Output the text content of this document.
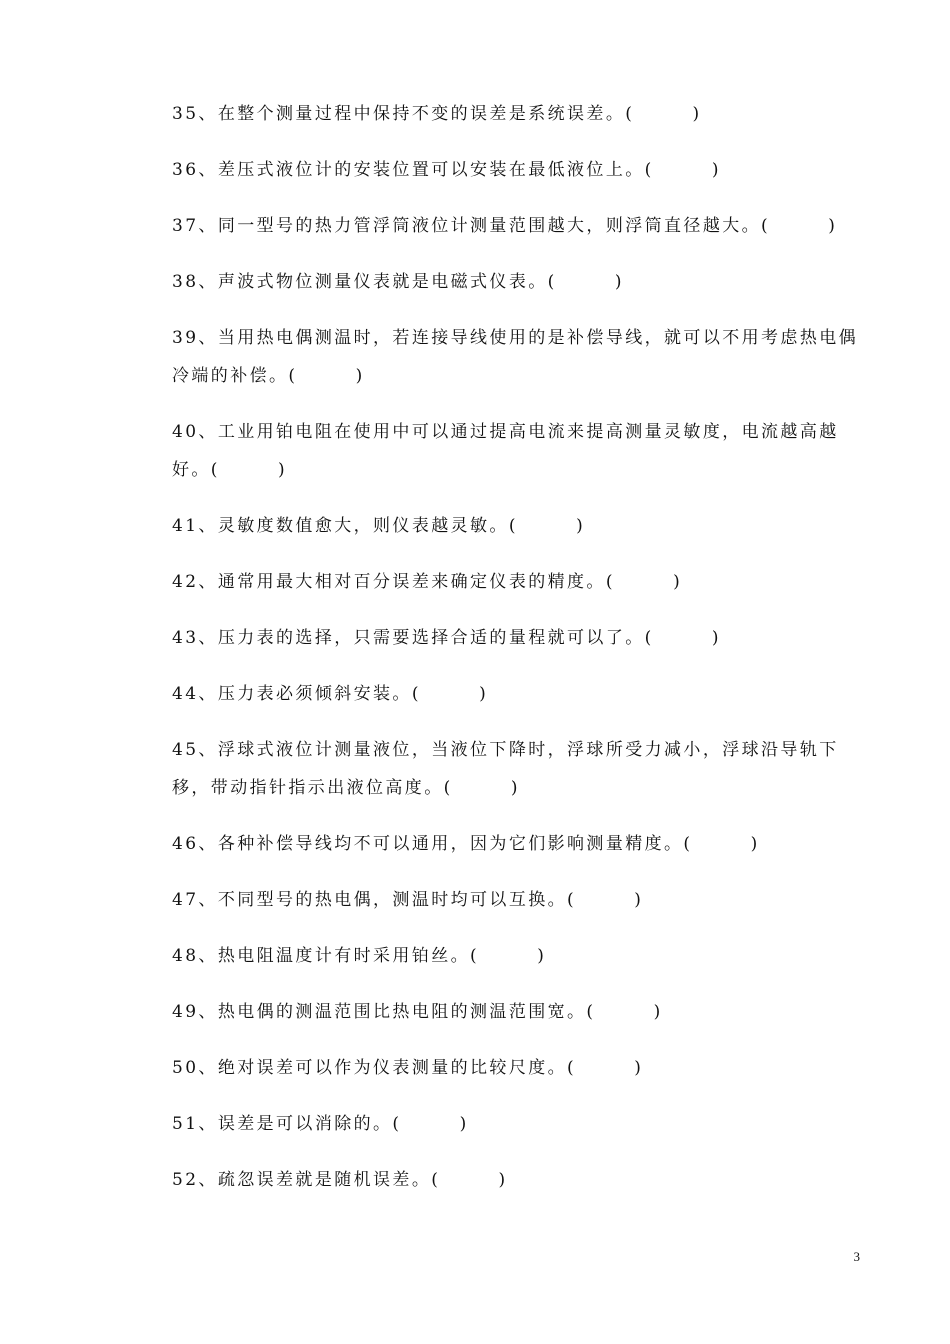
35、在整个测量过程中保持不变的误差是系统误差。(　　　)
36、差压式液位计的安装位置可以安装在最低液位上。(　　　)
37、同一型号的热力管浮筒液位计测量范围越大，则浮筒直径越大。(　　　)
38、声波式物位测量仪表就是电磁式仪表。(　　　)
39、当用热电偶测温时，若连接导线使用的是补偿导线，就可以不用考虑热电偶冷端的补偿。(　　　)
40、工业用铂电阻在使用中可以通过提高电流来提高测量灵敏度，电流越高越好。(　　　)
41、灵敏度数值愈大，则仪表越灵敏。(　　　)
42、通常用最大相对百分误差来确定仪表的精度。(　　　)
43、压力表的选择，只需要选择合适的量程就可以了。(　　　)
44、压力表必须倾斜安装。(　　　)
45、浮球式液位计测量液位，当液位下降时，浮球所受力减小，浮球沿导轨下移，带动指针指示出液位高度。(　　　)
46、各种补偿导线均不可以通用，因为它们影响测量精度。(　　　)
47、不同型号的热电偶，测温时均可以互换。(　　　)
48、热电阻温度计有时采用铂丝。(　　　)
49、热电偶的测温范围比热电阻的测温范围宽。(　　　)
50、绝对误差可以作为仪表测量的比较尺度。(　　　)
51、误差是可以消除的。(　　　)
52、疏忽误差就是随机误差。(　　　)
3
